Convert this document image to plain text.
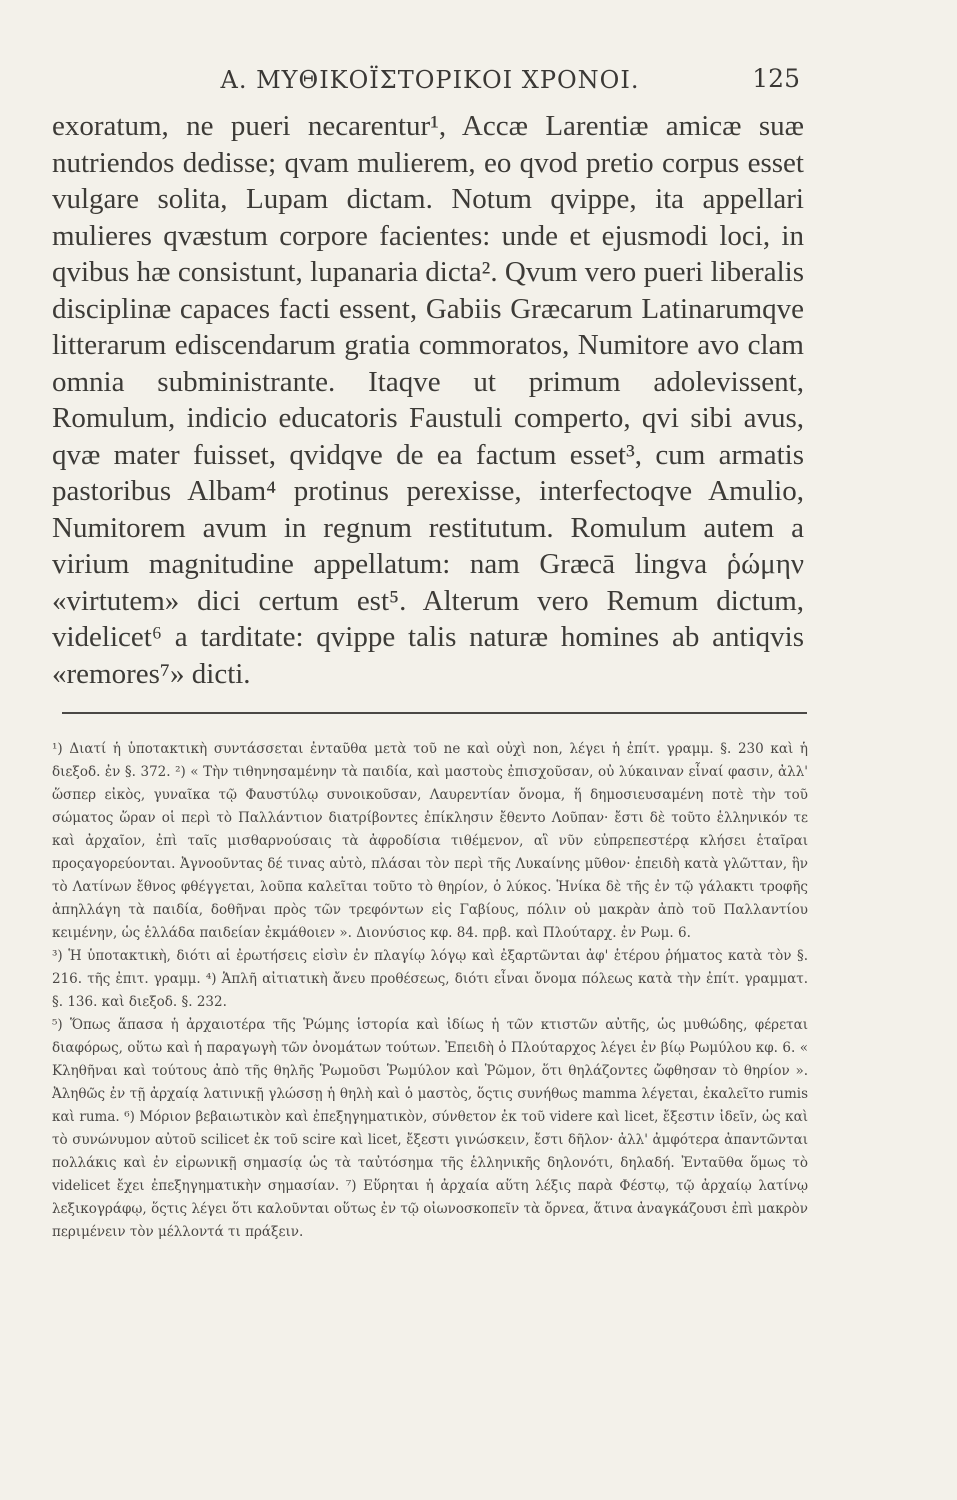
A. ΜΥΘΙΚΟΪΣΤΟΡΙΚΟΙ ΧΡΟΝΟΙ.	125

exoratum, ne pueri necarentur¹, Accæ Larentiæ amicæ suæ nutriendos dedisse; qvam mulierem, eo qvod pretio corpus esset vulgare solita, Lupam dictam. Notum qvippe, ita appellari mulieres qvæstum corpore facientes: unde et ejusmodi loci, in qvibus hæ consistunt, lupanaria dicta². Qvum vero pueri liberalis disciplinæ capaces facti essent, Gabiis Græcarum Latinarumqve litterarum ediscendarum gratia commoratos, Numitore avo clam omnia subministrante. Itaqve ut primum adolevissent, Romulum, indicio educatoris Faustuli comperto, qvi sibi avus, qvæ mater fuisset, qvidqve de ea factum esset³, cum armatis pastoribus Albam⁴ protinus perexisse, interfectoqve Amulio, Numitorem avum in regnum restitutum. Romulum autem a virium magnitudine appellatum: nam Græcā lingva ῥώμην «virtutem» dici certum est⁵. Alterum vero Remum dictum, videlicet⁶ a tarditate: qvippe talis naturæ homines ab antiqvis «remores⁷» dicti.

¹) Διατί ἡ ὑποτακτικὴ συντάσσεται ἐνταῦθα μετὰ τοῦ ne καὶ οὐχὶ non, λέγει ἡ ἐπίτ. γραμμ. §. 230 καὶ ἡ διεξοδ. ἐν §. 372. ²) « Τὴν τιθηνησαμένην τὰ παιδία, καὶ μαστοὺς ἐπισχοῦσαν, οὐ λύκαιναν εἶναί φασιν, ἀλλ' ὥσπερ εἰκὸς, γυναῖκα τῷ Φαυστύλῳ συνοικοῦσαν, Λαυρεντίαν ὄνομα, ἥ δημοσιευσαμένη ποτὲ τὴν τοῦ σώματος ὥραν οἱ περὶ τὸ Παλλάντιον διατρίβοντες ἐπίκλησιν ἔθεντο Λοῦπαν· ἔστι δὲ τοῦτο ἑλληνικόν τε καὶ ἀρχαῖον, ἐπὶ ταῖς μισθαρνούσαις τὰ ἀφροδίσια τιθέμενον, αἳ νῦν εὐπρεπεστέρᾳ κλήσει ἑταῖραι προςαγορεύονται. Ἀγνοοῦντας δέ τινας αὐτὸ, πλάσαι τὸν περὶ τῆς Λυκαίνης μῦθον· ἐπειδὴ κατὰ γλῶτταν, ἣν τὸ Λατίνων ἔθνος φθέγγεται, λοῦπα καλεῖται τοῦτο τὸ θηρίον, ὁ λύκος. Ἡνίκα δὲ τῆς ἐν τῷ γάλακτι τροφῆς ἀπηλλάγη τὰ παιδία, δοθῆναι πρὸς τῶν τρεφόντων εἰς Γαβίους, πόλιν οὐ μακρὰν ἀπὸ τοῦ Παλλαντίου κειμένην, ὡς ἑλλάδα παιδείαν ἐκμάθοιεν ». Διονύσιος κφ. 84. πρβ. καὶ Πλούταρχ. ἐν Ρωμ. 6.

³) Ἡ ὑποτακτικὴ, διότι αἱ ἐρωτήσεις εἰσὶν ἐν πλαγίῳ λόγῳ καὶ ἐξαρτῶνται ἀφ' ἑτέρου ῥήματος κατὰ τὸν §. 216. τῆς ἐπιτ. γραμμ. ⁴) Ἁπλῆ αἰτιατικὴ ἄνευ προθέσεως, διότι εἶναι ὄνομα πόλεως κατὰ τὴν ἐπίτ. γραμματ. §. 136. καὶ διεξοδ. §. 232.

⁵) Ὅπως ἅπασα ἡ ἀρχαιοτέρα τῆς Ῥώμης ἱστορία καὶ ἰδίως ἡ τῶν κτιστῶν αὐτῆς, ὡς μυθώδης, φέρεται διαφόρως, οὕτω καὶ ἡ παραγωγὴ τῶν ὀνομάτων τούτων. Ἐπειδὴ ὁ Πλούταρχος λέγει ἐν βίῳ Ρωμύλου κφ. 6. « Κληθῆναι καὶ τούτους ἀπὸ τῆς θηλῆς Ῥωμοῦσι Ῥωμύλον καὶ Ῥῶμον, ὅτι θηλάζοντες ὤφθησαν τὸ θηρίον ». Ἀληθῶς ἐν τῇ ἀρχαίᾳ λατινικῇ γλώσσῃ ἡ θηλὴ καὶ ὁ μαστὸς, ὅςτις συνήθως mamma λέγεται, ἐκαλεῖτο rumis καὶ ruma. ⁶) Μόριον βεβαιωτικὸν καὶ ἐπεξηγηματικὸν, σύνθετον ἐκ τοῦ videre καὶ licet, ἔξεστιν ἰδεῖν, ὡς καὶ τὸ συνώνυμον αὐτοῦ scilicet ἐκ τοῦ scire καὶ licet, ἔξεστι γινώσκειν, ἔστι δῆλον· ἀλλ' ἀμφότερα ἀπαντῶνται πολλάκις καὶ ἐν εἰρωνικῇ σημασίᾳ ὡς τὰ ταὐτόσημα τῆς ἑλληνικῆς δηλονότι, δηλαδή. Ἐνταῦθα ὅμως τὸ videlicet ἔχει ἐπεξηγηματικὴν σημασίαν. ⁷) Εὕρηται ἡ ἀρχαία αὕτη λέξις παρὰ Φέστῳ, τῷ ἀρχαίῳ λατίνῳ λεξικογράφῳ, ὅςτις λέγει ὅτι καλοῦνται οὕτως ἐν τῷ οἰωνοσκοπεῖν τὰ ὄρνεα, ἅτινα ἀναγκάζουσι ἐπὶ μακρὸν περιμένειν τὸν μέλλοντά τι πράξειν.
